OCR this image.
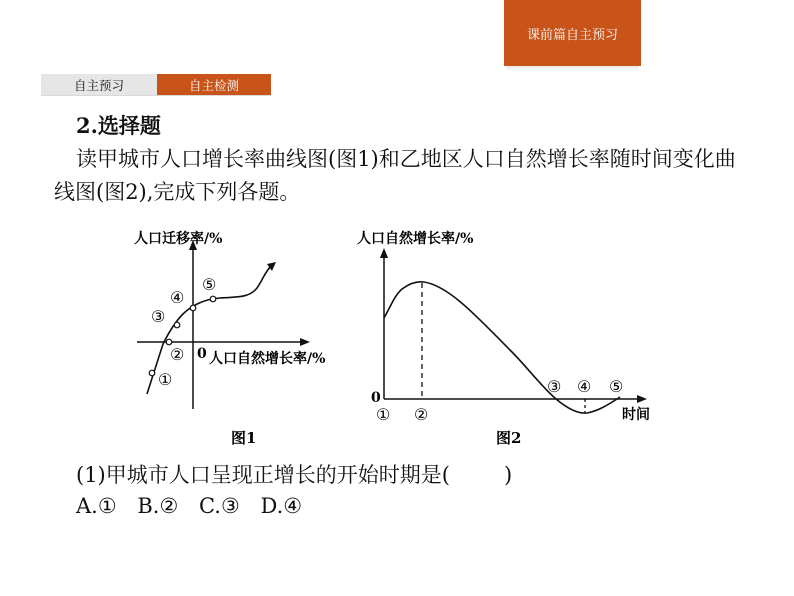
课前篇自主预习
自主预习	自主检测
2.选择题
读甲城市人口增长率曲线图(图1)和乙地区人口自然增长率随时间变化曲线图(图2),完成下列各题。
人口迁移率/%
人口自然增长率/%
0
①
②
③
④
⑤
图1
人口自然增长率/%
时间
0
① ②
③ ④ ⑤
图2
(1)甲城市人口呈现正增长的开始时期是(	)
A.① B.② C.③ D.④
